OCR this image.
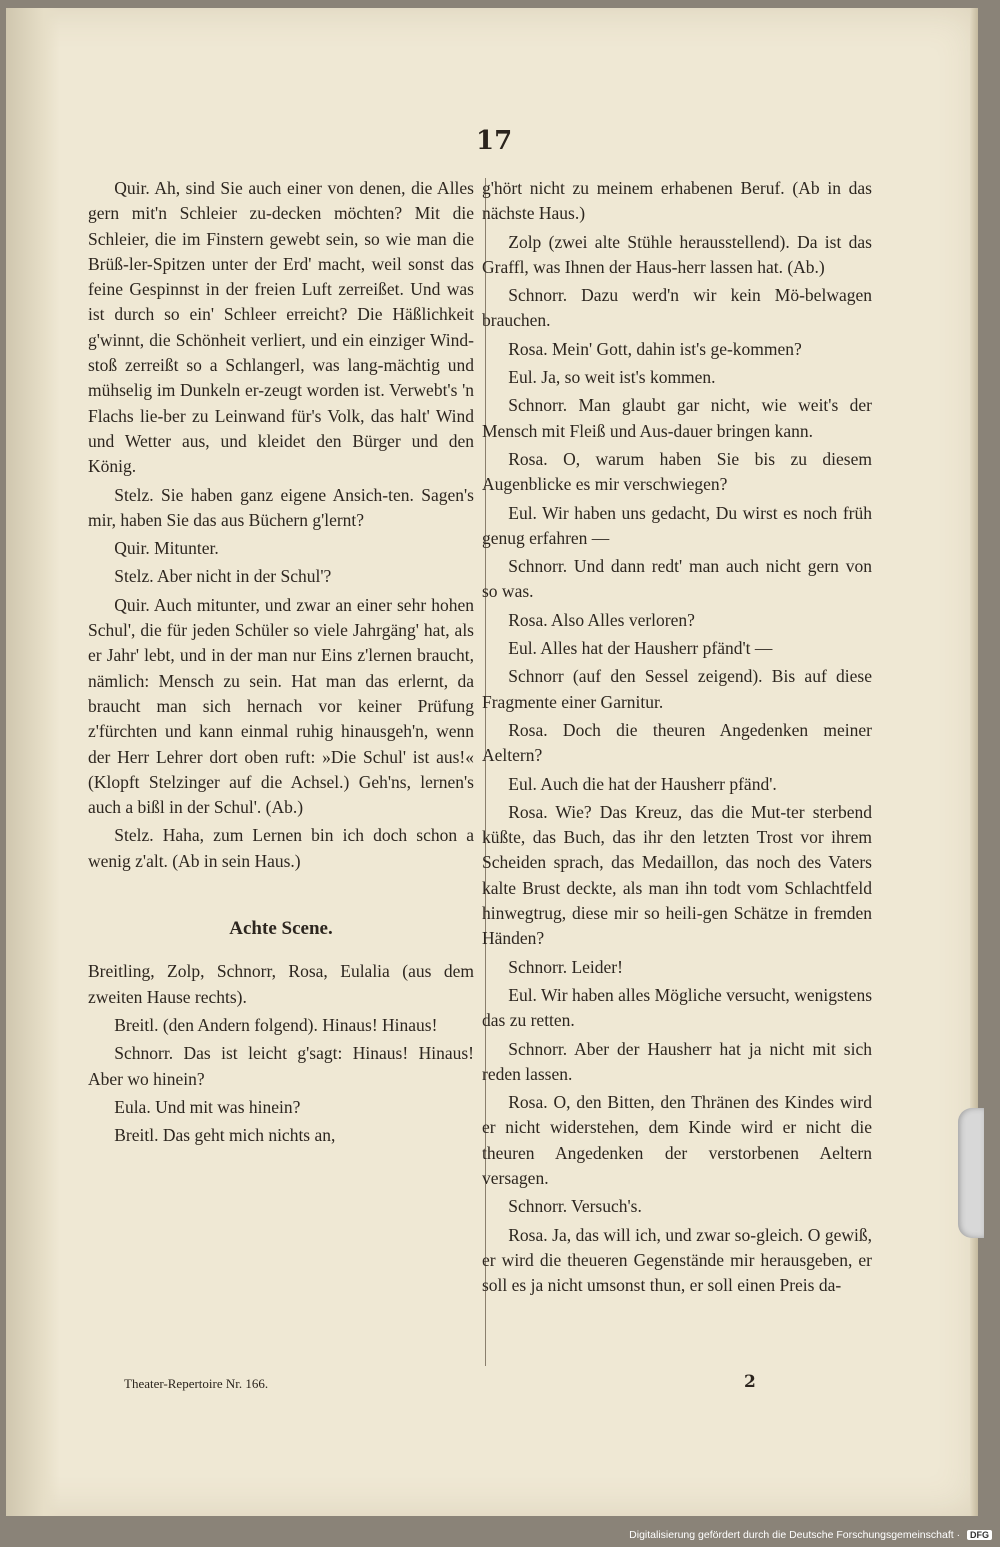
17

Quir. Ah, sind Sie auch einer von denen, die Alles gern mit'n Schleier zu-decken möchten? Mit die Schleier, die im Finstern gewebt sein, so wie man die Brüß-ler-Spitzen unter der Erd' macht, weil sonst das feine Gespinnst in der freien Luft zerreißet. Und was ist durch so ein' Schleer erreicht? Die Häßlichkeit g'winnt, die Schönheit verliert, und ein einziger Wind-stoß zerreißt so a Schlangerl, was lang-mächtig und mühselig im Dunkeln er-zeugt worden ist. Verwebt's 'n Flachs lie-ber zu Leinwand für's Volk, das halt' Wind und Wetter aus, und kleidet den Bürger und den König.

Stelz. Sie haben ganz eigene Ansich-ten. Sagen's mir, haben Sie das aus Büchern g'lernt?

Quir. Mitunter.

Stelz. Aber nicht in der Schul'?

Quir. Auch mitunter, und zwar an einer sehr hohen Schul', die für jeden Schüler so viele Jahrgäng' hat, als er Jahr' lebt, und in der man nur Eins z'lernen braucht, nämlich: Mensch zu sein. Hat man das erlernt, da braucht man sich hernach vor keiner Prüfung z'fürchten und kann einmal ruhig hinausgeh'n, wenn der Herr Lehrer dort oben ruft: »Die Schul' ist aus!« (Klopft Stelzinger auf die Achsel.) Geh'ns, lernen's auch a bißl in der Schul'. (Ab.)

Stelz. Haha, zum Lernen bin ich doch schon a wenig z'alt. (Ab in sein Haus.)

Achte Scene.

Breitling, Zolp, Schnorr, Rosa, Eulalia (aus dem zweiten Hause rechts).

Breitl. (den Andern folgend). Hinaus! Hinaus!

Schnorr. Das ist leicht g'sagt: Hinaus! Hinaus! Aber wo hinein?

Eula. Und mit was hinein?

Breitl. Das geht mich nichts an,

g'hört nicht zu meinem erhabenen Beruf. (Ab in das nächste Haus.)

Zolp (zwei alte Stühle herausstellend). Da ist das Graffl, was Ihnen der Haus-herr lassen hat. (Ab.)

Schnorr. Dazu werd'n wir kein Mö-belwagen brauchen.

Rosa. Mein' Gott, dahin ist's ge-kommen?

Eul. Ja, so weit ist's kommen.

Schnorr. Man glaubt gar nicht, wie weit's der Mensch mit Fleiß und Aus-dauer bringen kann.

Rosa. O, warum haben Sie bis zu diesem Augenblicke es mir verschwiegen?

Eul. Wir haben uns gedacht, Du wirst es noch früh genug erfahren —

Schnorr. Und dann redt' man auch nicht gern von so was.

Rosa. Also Alles verloren?

Eul. Alles hat der Hausherr pfänd't —

Schnorr (auf den Sessel zeigend). Bis auf diese Fragmente einer Garnitur.

Rosa. Doch die theuren Angedenken meiner Aeltern?

Eul. Auch die hat der Hausherr pfänd'.

Rosa. Wie? Das Kreuz, das die Mut-ter sterbend küßte, das Buch, das ihr den letzten Trost vor ihrem Scheiden sprach, das Medaillon, das noch des Vaters kalte Brust deckte, als man ihn todt vom Schlachtfeld hinwegtrug, diese mir so heili-gen Schätze in fremden Händen?

Schnorr. Leider!

Eul. Wir haben alles Mögliche versucht, wenigstens das zu retten.

Schnorr. Aber der Hausherr hat ja nicht mit sich reden lassen.

Rosa. O, den Bitten, den Thränen des Kindes wird er nicht widerstehen, dem Kinde wird er nicht die theuren Angedenken der verstorbenen Aeltern versagen.

Schnorr. Versuch's.

Rosa. Ja, das will ich, und zwar so-gleich. O gewiß, er wird die theueren Gegenstände mir herausgeben, er soll es ja nicht umsonst thun, er soll einen Preis da-

Theater-Repertoire Nr. 166.	2
Digitalisierung gefördert durch die Deutsche Forschungsgemeinschaft · DFG
